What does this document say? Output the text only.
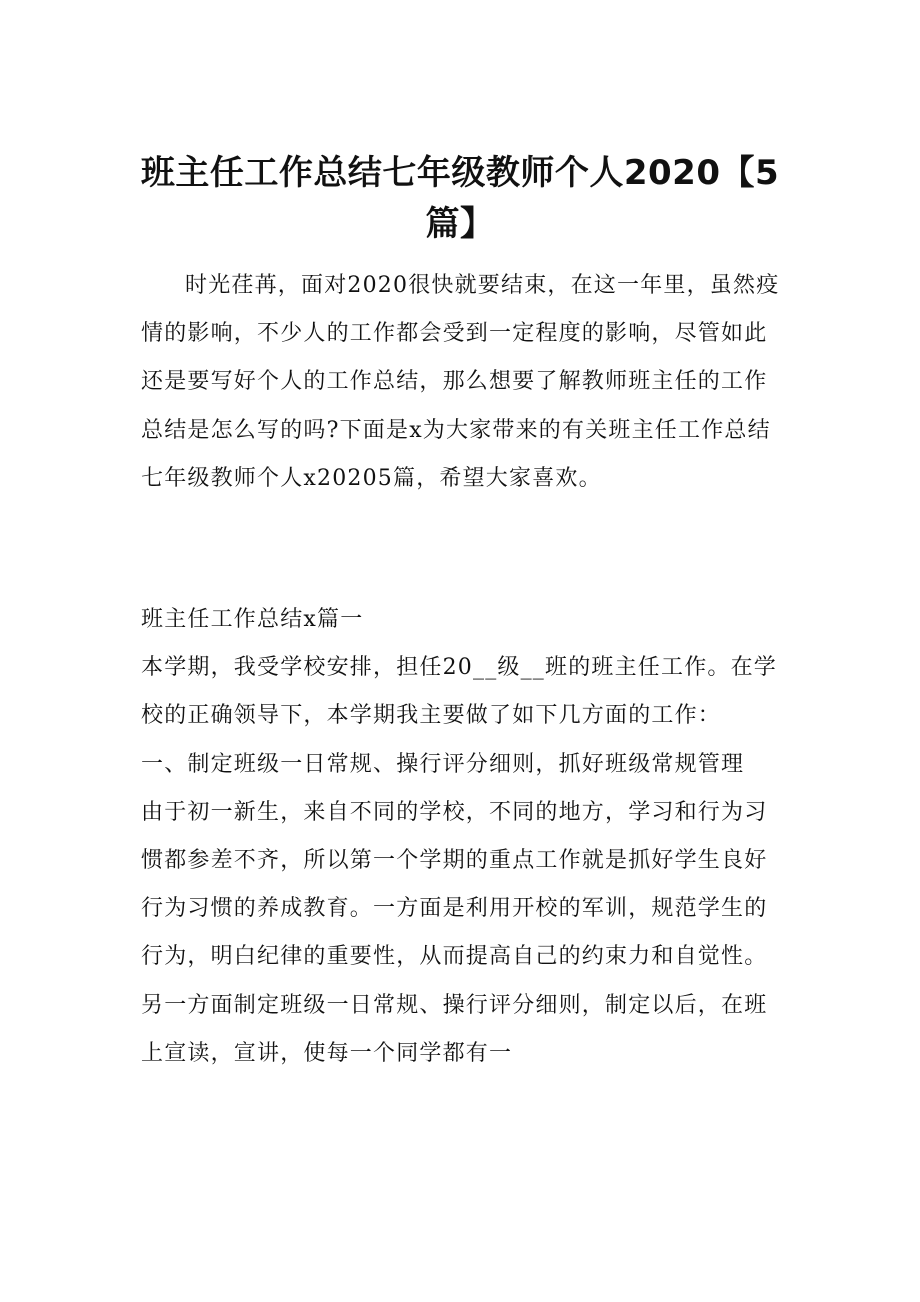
班主任工作总结七年级教师个人2020【5篇】

时光荏苒，面对2020很快就要结束，在这一年里，虽然疫情的影响，不少人的工作都会受到一定程度的影响，尽管如此还是要写好个人的工作总结，那么想要了解教师班主任的工作总结是怎么写的吗?下面是x为大家带来的有关班主任工作总结七年级教师个人x20205篇，希望大家喜欢。

班主任工作总结x篇一

本学期，我受学校安排，担任20__级__班的班主任工作。在学校的正确领导下，本学期我主要做了如下几方面的工作：

一、制定班级一日常规、操行评分细则，抓好班级常规管理

由于初一新生，来自不同的学校，不同的地方，学习和行为习惯都参差不齐，所以第一个学期的重点工作就是抓好学生良好行为习惯的养成教育。一方面是利用开校的军训，规范学生的行为，明白纪律的重要性，从而提高自己的约束力和自觉性。另一方面制定班级一日常规、操行评分细则，制定以后，在班上宣读，宣讲，使每一个同学都有一
